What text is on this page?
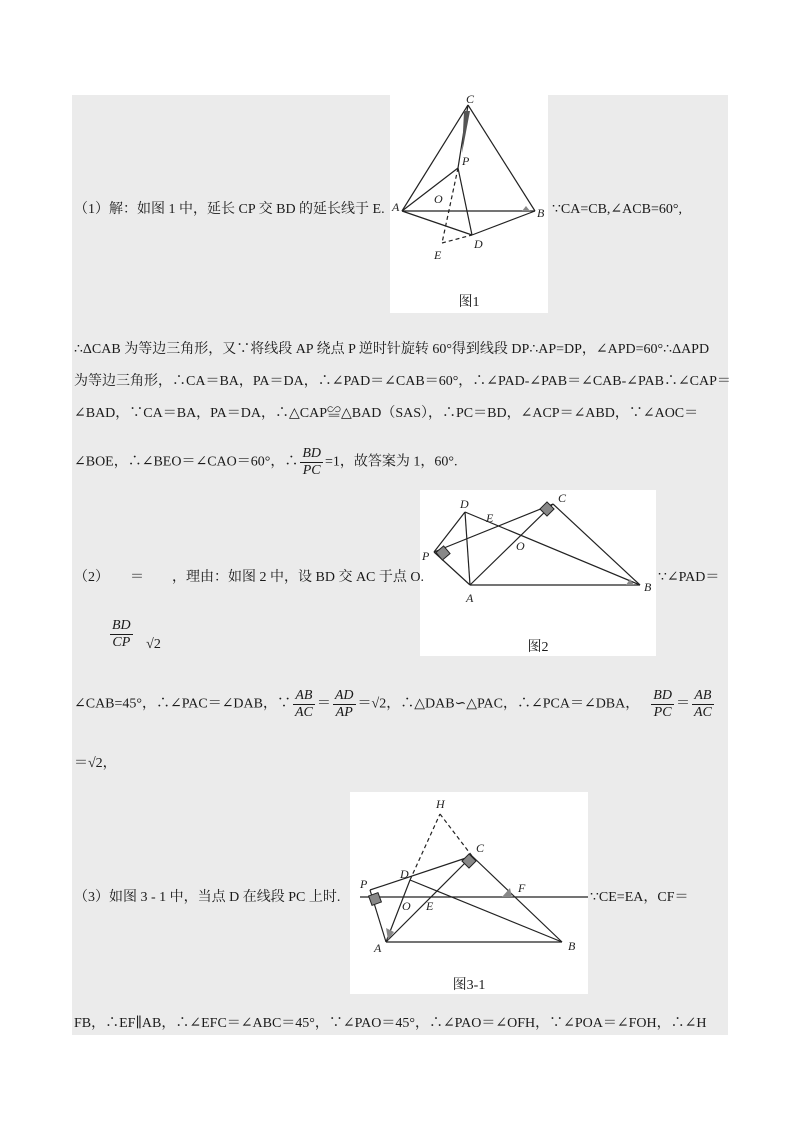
C
P
A
O
B
D
E
图1
（1）解：如图 1 中，延长 CP 交 BD 的延长线于 E.	∵CA=CB,∠ACB=60°,
∴ΔCAB 为等边三角形，又∵将线段 AP 绕点 P 逆时针旋转 60°得到线段 DP∴AP=DP，∠APD=60°∴ΔAPD
为等边三角形，∴CA＝BA，PA＝DA，∴∠PAD＝∠CAB＝60°，∴∠PAD-∠PAB＝∠CAB-∠PAB∴∠CAP＝
∠BAD，∵CA＝BA，PA＝DA，∴△CAP≌△BAD（SAS），∴PC＝BD，∠ACP＝∠ABD，∵∠AOC＝
∠BOE，∴∠BEO＝∠CAO＝60°，∴ $\frac{BD}{PC} =1$，故答案为 1，60°.
D
E
C
P
O
A
B
图2
（2）　　＝　　，理由：如图 2 中，设 BD 交 AC 于点 O.	∵∠PAD＝
$\frac{BD}{CP} √2$
∠CAB=45°，∴∠PAC＝∠DAB，∵ $\frac{AB}{AC} = \frac{AD}{AP} =√2$，∴△DAB∽△PAC，∴∠PCA＝∠DBA， $\frac{BD}{PC} = \frac{AB}{AC}$
＝√2，
H
D
C
P
O E
F
A	B
图3-1
（3）如图 3 - 1 中，当点 D 在线段 PC 上时.	∵CE=EA，CF＝
FB，∴EF∥AB，∴∠EFC＝∠ABC＝45°，∵∠PAO＝45°，∴∠PAO＝∠OFH，∵∠POA＝∠FOH，∴∠H
